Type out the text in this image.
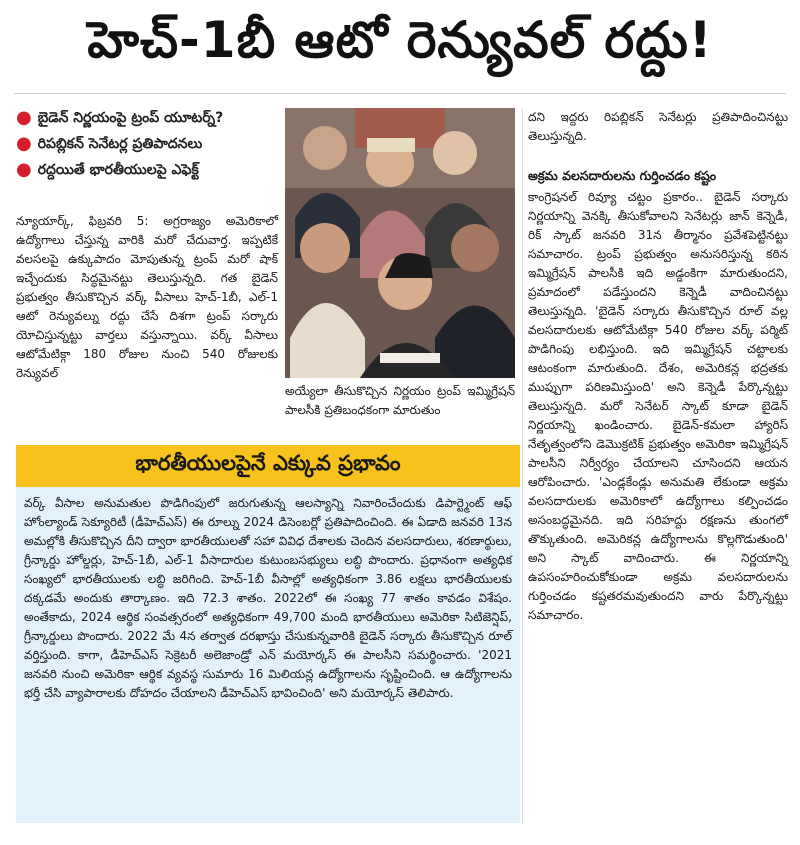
హెచ్-1బీ ఆటో రెన్యువల్ రద్దు!
● బైడెన్ నిర్ణయంపై ట్రంప్ యూటర్న్?
● రిపబ్లికన్ సెనేటర్ల ప్రతిపాదనలు
● రద్దయితే భారతీయులపై ఎఫెక్ట్
న్యూయార్క్, ఫిబ్రవరి 5: అగ్రరాజ్యం అమెరికాలో ఉద్యోగాలు చేస్తున్న వారికి మరో చేదువార్త. ఇప్పటికే వలసలపై ఉక్కుపాదం మోపుతున్న ట్రంప్ మరో షాక్ ఇచ్చేందుకు సిద్ధమైనట్టు తెలుస్తున్నది. గత బైడెన్ ప్రభుత్వం తీసుకొచ్చిన వర్క్ వీసాలు హెచ్-1బీ, ఎల్-1 ఆటో రెన్యువల్ను రద్దు చేసే దిశగా ట్రంప్ సర్కారు యోచిస్తున్నట్టు వార్తలు వస్తున్నాయి. వర్క్ వీసాలు ఆటోమేటిక్గా 180 రోజుల నుంచి 540 రోజులకు రెన్యువల్
అయ్యేలా తీసుకొచ్చిన నిర్ణయం ట్రంప్ ఇమ్మిగ్రేషన్ పాలసీకి ప్రతిబంధకంగా మారుతుం
దని ఇద్దరు రిపబ్లికన్ సెనేటర్లు ప్రతిపాదించినట్టు తెలుస్తున్నది.
అక్రమ వలసదారులను గుర్తించడం కష్టం
కాంగ్రెషనల్ రివ్యూ చట్టం ప్రకారం.. బైడెన్ సర్కారు నిర్ణయాన్ని వెనక్కి తీసుకోవాలని సెనేటర్లు జాన్ కెన్నెడీ, రిక్ స్కాట్ జనవరి 31న తీర్మానం ప్రవేశపెట్టినట్టు సమాచారం. ట్రంప్ ప్రభుత్వం అనుసరిస్తున్న కఠిన ఇమ్మిగ్రేషన్ పాలసీకి ఇది అడ్డంకిగా మారుతుందని, ప్రమాదంలో పడేస్తుందని కెన్నెడీ వాదించినట్టు తెలుస్తున్నది. 'బైడెన్ సర్కారు తీసుకొచ్చిన రూల్ వల్ల వలసదారులకు ఆటోమేటిక్గా 540 రోజుల వర్క్ పర్మిట్ పొడిగింపు లభిస్తుంది. ఇది ఇమ్మిగ్రేషన్ చట్టాలకు ఆటంకంగా మారుతుంది. దేశం, అమెరికన్ల భద్రతకు ముప్పుగా పరిణమిస్తుంది' అని కెన్నెడీ పేర్కొన్నట్టు తెలుస్తున్నది. మరో సెనేటర్ స్కాట్ కూడా బైడెన్ నిర్ణయాన్ని ఖండించారు. బైడెన్-కమలా హ్యారిస్ నేతృత్వంలోని డెమొక్రటిక్ ప్రభుత్వం అమెరికా ఇమ్మిగ్రేషన్ పాలసీని నిర్వీర్యం చేయాలని చూసిందని ఆయన ఆరోపించారు. 'ఎండ్లకేండ్లు అనుమతి లేకుండా అక్రమ వలసదారులకు అమెరికాలో ఉద్యోగాలు కల్పించడం అసంబద్ధమైనది. ఇది సరిహద్దు రక్షణను తుంగలో తొక్కుతుంది. అమెరికన్ల ఉద్యోగాలను కొల్లగొడుతుంది' అని స్కాట్ వాదించారు. ఈ నిర్ణయాన్ని ఉపసంహరించుకోకుండా అక్రమ వలసదారులను గుర్తించడం కష్టతరమవుతుందని వారు పేర్కొన్నట్టు సమాచారం.
భారతీయులపైనే ఎక్కువ ప్రభావం
వర్క్ వీసాల అనుమతుల పొడిగింపులో జరుగుతున్న ఆలస్యాన్ని నివారించేందుకు డిపార్ట్మెంట్ ఆఫ్ హోంల్యాండ్ సెక్యూరిటీ (డీహెచ్ఎస్) ఈ రూల్ను 2024 డిసెంబర్లో ప్రతిపాదించింది. ఈ ఏడాది జనవరి 13న అమల్లోకి తీసుకొచ్చిన దీని ద్వారా భారతీయులతో సహా వివిధ దేశాలకు చెందిన వలసదారులు, శరణార్థులు, గ్రీన్కార్డు హోల్డర్లు, హెచ్-1బీ, ఎల్-1 వీసాదారుల కుటుంబసభ్యులు లబ్ధి పొందారు. ప్రధానంగా అత్యధిక సంఖ్యలో భారతీయులకు లబ్ధి జరిగింది. హెచ్-1బీ వీసాల్లో అత్యధికంగా 3.86 లక్షలు భారతీయులకు దక్కడమే అందుకు తార్కాణం. ఇది 72.3 శాతం. 2022లో ఈ సంఖ్య 77 శాతం కావడం విశేషం. అంతేకాదు, 2024 ఆర్థిక సంవత్సరంలో అత్యధికంగా 49,700 మంది భారతీయులు అమెరికా సిటిజెన్షిప్, గ్రీన్కార్డులు పొందారు. 2022 మే 4న తర్వాత దరఖాస్తు చేసుకున్నవారికి బైడెన్ సర్కారు తీసుకొచ్చిన రూల్ వర్తిస్తుంది. కాగా, డీహెచ్ఎస్ సెక్రెటరీ అలెజాండ్రో ఎన్ మయోర్కస్ ఈ పాలసీని సమర్థించారు. '2021 జనవరి నుంచి అమెరికా ఆర్థిక వ్యవస్థ సుమారు 16 మిలియన్ల ఉద్యోగాలను సృష్టించింది. ఆ ఉద్యోగాలను భర్తీ చేసి వ్యాపారాలకు దోహదం చేయాలని డీహెచ్ఎస్ భావించింది' అని మయోర్కస్ తెలిపారు.
